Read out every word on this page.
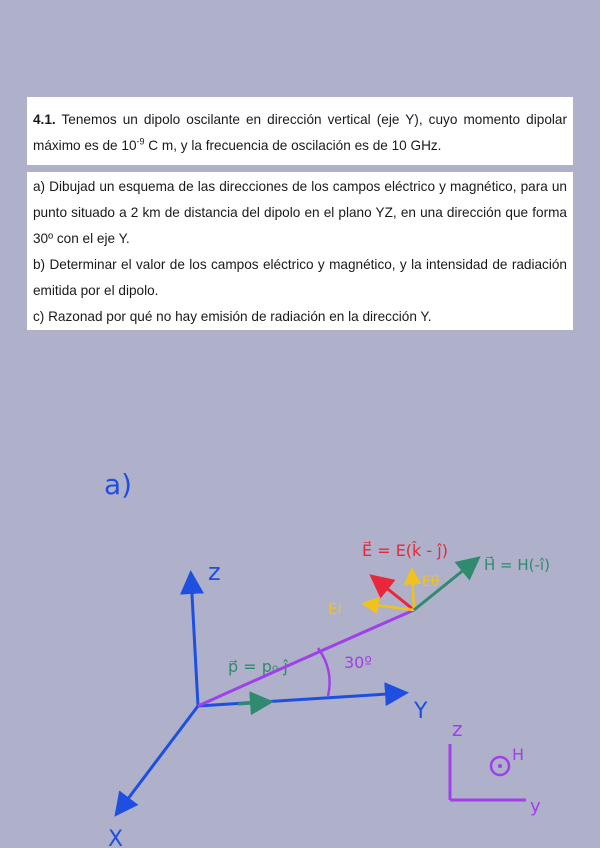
4.1. Tenemos un dipolo oscilante en dirección vertical (eje Y), cuyo momento dipolar máximo es de $10^{-9}$ C m, y la frecuencia de oscilación es de 10 GHz.

a) Dibujad un esquema de las direcciones de los campos eléctrico y magnético, para un punto situado a 2 km de distancia del dipolo en el plano YZ, en una dirección que forma 30º con el eje Y.

b) Determinar el valor de los campos eléctrico y magnético, y la intensidad de radiación emitida por el dipolo.

c) Razonad por qué no hay emisión de radiación en la dirección Y.

a)
z
Y
X
p⃗ = p₀ ĵ	30º
E⃗ = E(k̂ - ĵ)
Eθ
Ei
H⃗ = H(-î)
z
y
H
